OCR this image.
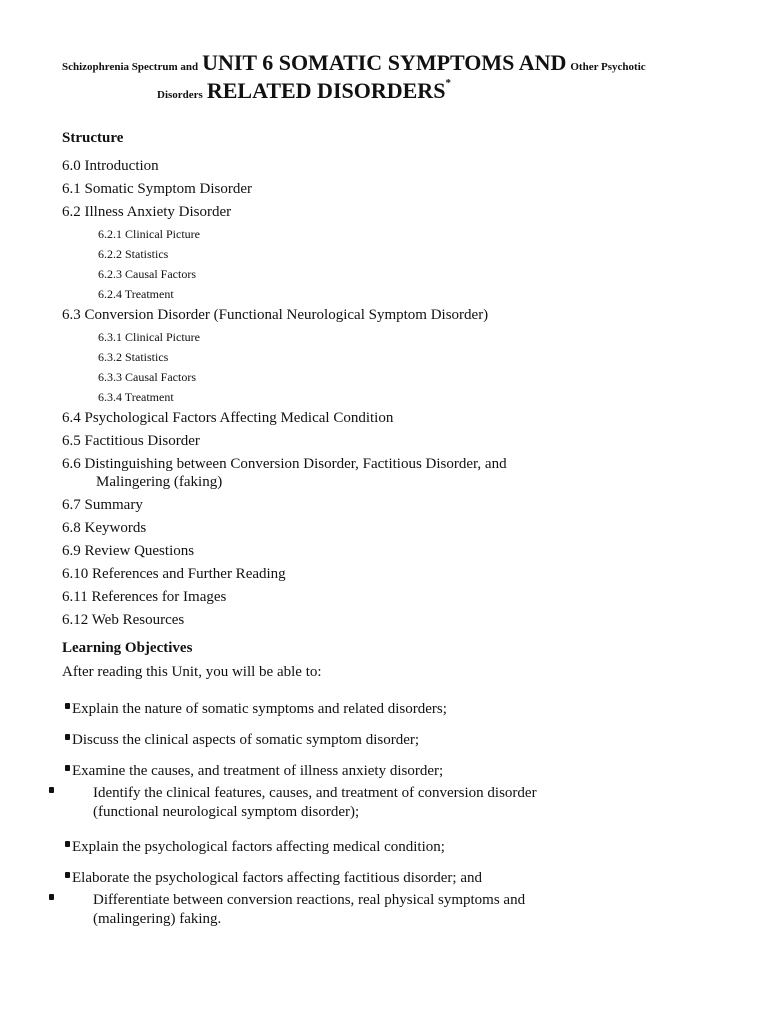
Schizophrenia Spectrum and UNIT 6 SOMATIC SYMPTOMS AND Other Psychotic
Disorders RELATED DISORDERS*
Structure
6.0 Introduction
6.1 Somatic Symptom Disorder
6.2 Illness Anxiety Disorder
6.2.1 Clinical Picture
6.2.2 Statistics
6.2.3 Causal Factors
6.2.4 Treatment
6.3 Conversion Disorder (Functional Neurological Symptom Disorder)
6.3.1 Clinical Picture
6.3.2 Statistics
6.3.3 Causal Factors
6.3.4 Treatment
6.4 Psychological Factors Affecting Medical Condition
6.5 Factitious Disorder
6.6 Distinguishing between Conversion Disorder, Factitious Disorder, and Malingering (faking)
6.7 Summary
6.8 Keywords
6.9 Review Questions
6.10 References and Further Reading
6.11 References for Images
6.12 Web Resources
Learning Objectives
After reading this Unit, you will be able to:
Explain the nature of somatic symptoms and related disorders;
Discuss the clinical aspects of somatic symptom disorder;
Examine the causes, and treatment of illness anxiety disorder;
Identify the clinical features, causes, and treatment of conversion disorder (functional neurological symptom disorder);
Explain the psychological factors affecting medical condition;
Elaborate the psychological factors affecting factitious disorder; and
Differentiate between conversion reactions, real physical symptoms and (malingering) faking.
